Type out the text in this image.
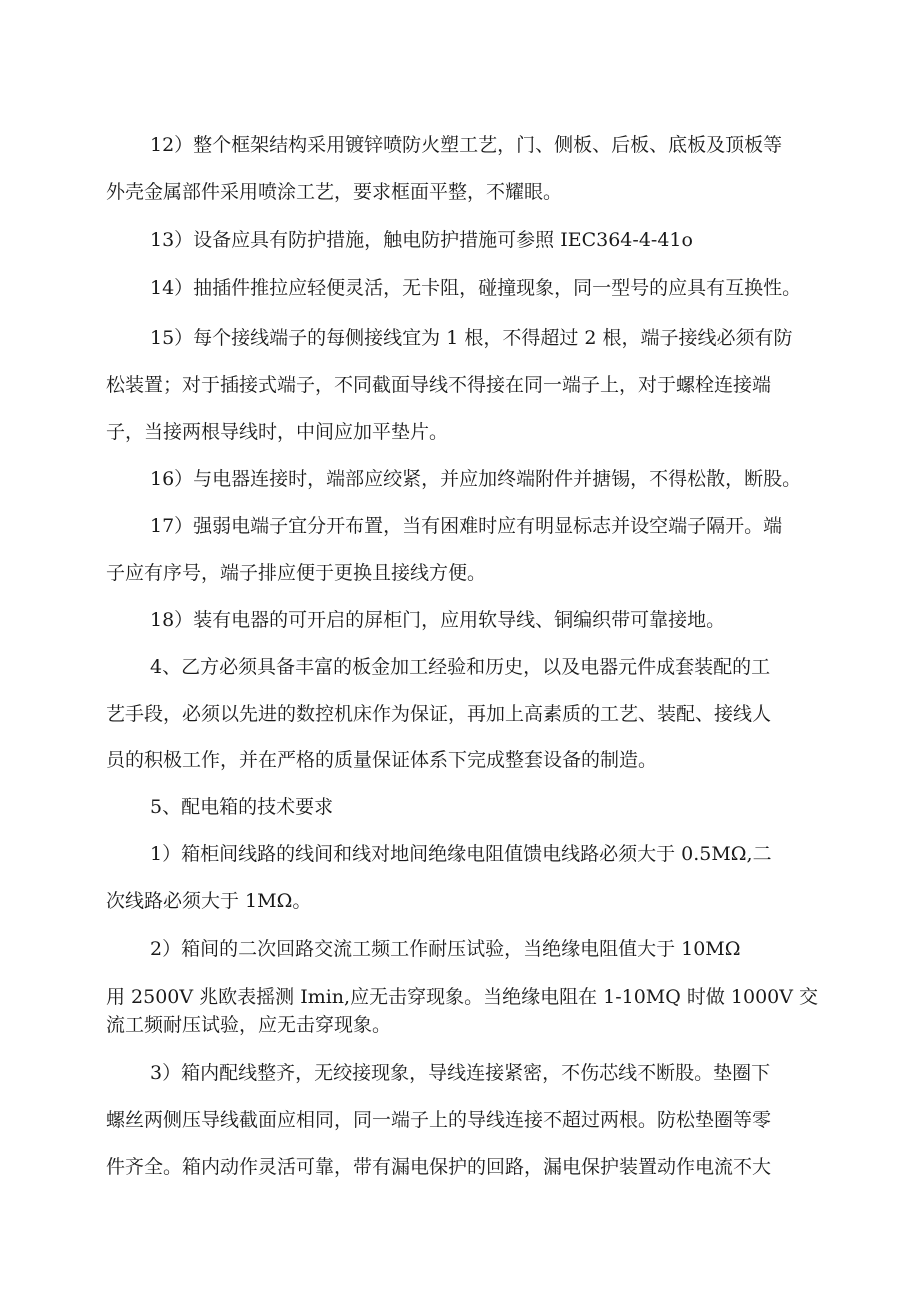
12）整个框架结构采用镀锌喷防火塑工艺，门、侧板、后板、底板及顶板等

外壳金属部件采用喷涂工艺，要求框面平整，不耀眼。

13）设备应具有防护措施，触电防护措施可参照 IEC364-4-41o

14）抽插件推拉应轻便灵活，无卡阻，碰撞现象，同一型号的应具有互换性。

15）每个接线端子的每侧接线宜为 1 根，不得超过 2 根，端子接线必须有防

松装置；对于插接式端子，不同截面导线不得接在同一端子上，对于螺栓连接端

子，当接两根导线时，中间应加平垫片。

16）与电器连接时，端部应绞紧，并应加终端附件并搪锡，不得松散，断股。

17）强弱电端子宜分开布置，当有困难时应有明显标志并设空端子隔开。端

子应有序号，端子排应便于更换且接线方便。

18）装有电器的可开启的屏柜门，应用软导线、铜编织带可靠接地。

4、乙方必须具备丰富的板金加工经验和历史，以及电器元件成套装配的工

艺手段，必须以先进的数控机床作为保证，再加上高素质的工艺、装配、接线人

员的积极工作，并在严格的质量保证体系下完成整套设备的制造。

5、配电箱的技术要求

1）箱柜间线路的线间和线对地间绝缘电阻值馈电线路必须大于 0.5MΩ,二

次线路必须大于 1MΩ。

2）箱间的二次回路交流工频工作耐压试验，当绝缘电阻值大于 10MΩ

用 2500V 兆欧表摇测 Imin,应无击穿现象。当绝缘电阻在 1-10MQ 时做 1000V 交

流工频耐压试验，应无击穿现象。

3）箱内配线整齐，无绞接现象，导线连接紧密，不伤芯线不断股。垫圈下

螺丝两侧压导线截面应相同，同一端子上的导线连接不超过两根。防松垫圈等零

件齐全。箱内动作灵活可靠，带有漏电保护的回路，漏电保护装置动作电流不大
